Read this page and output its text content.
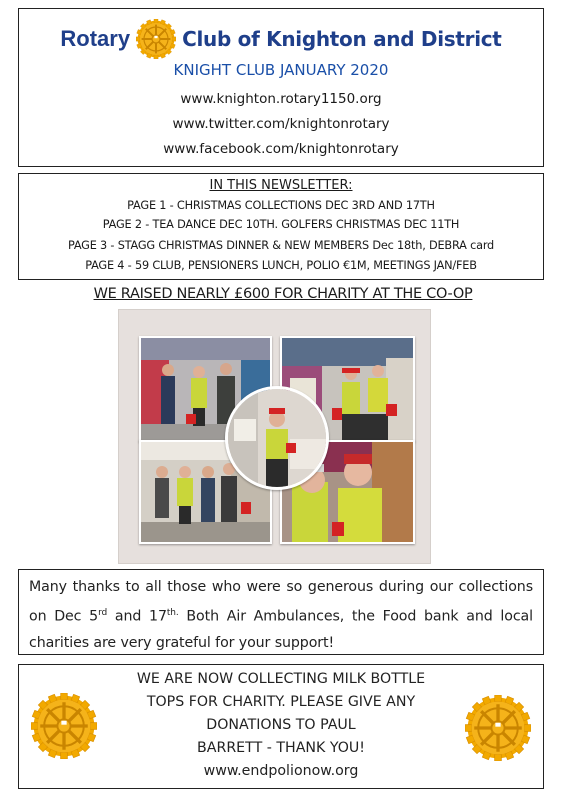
Rotary	Club of Knighton and District
KNIGHT CLUB JANUARY 2020
www.knighton.rotary1150.org
www.twitter.com/knightonrotary
www.facebook.com/knightonrotary
IN THIS NEWSLETTER:
PAGE 1 - CHRISTMAS COLLECTIONS DEC 3RD AND 17TH
PAGE 2 - TEA DANCE DEC 10TH. GOLFERS CHRISTMAS DEC 11TH
PAGE 3 - STAGG CHRISTMAS DINNER & NEW MEMBERS Dec 18th, DEBRA card
PAGE 4 - 59 CLUB, PENSIONERS LUNCH, POLIO €1M, MEETINGS JAN/FEB
WE RAISED NEARLY £600 FOR CHARITY AT THE CO-OP
Many thanks to all those who were so generous during our collections on Dec 5rd and $17^{th.}$ Both Air Ambulances, the Food bank and local charities are very grateful for your support!
WE ARE NOW COLLECTING MILK BOTTLE
TOPS FOR CHARITY. PLEASE GIVE ANY
DONATIONS TO PAUL
BARRETT - THANK YOU!
www.endpolionow.org
